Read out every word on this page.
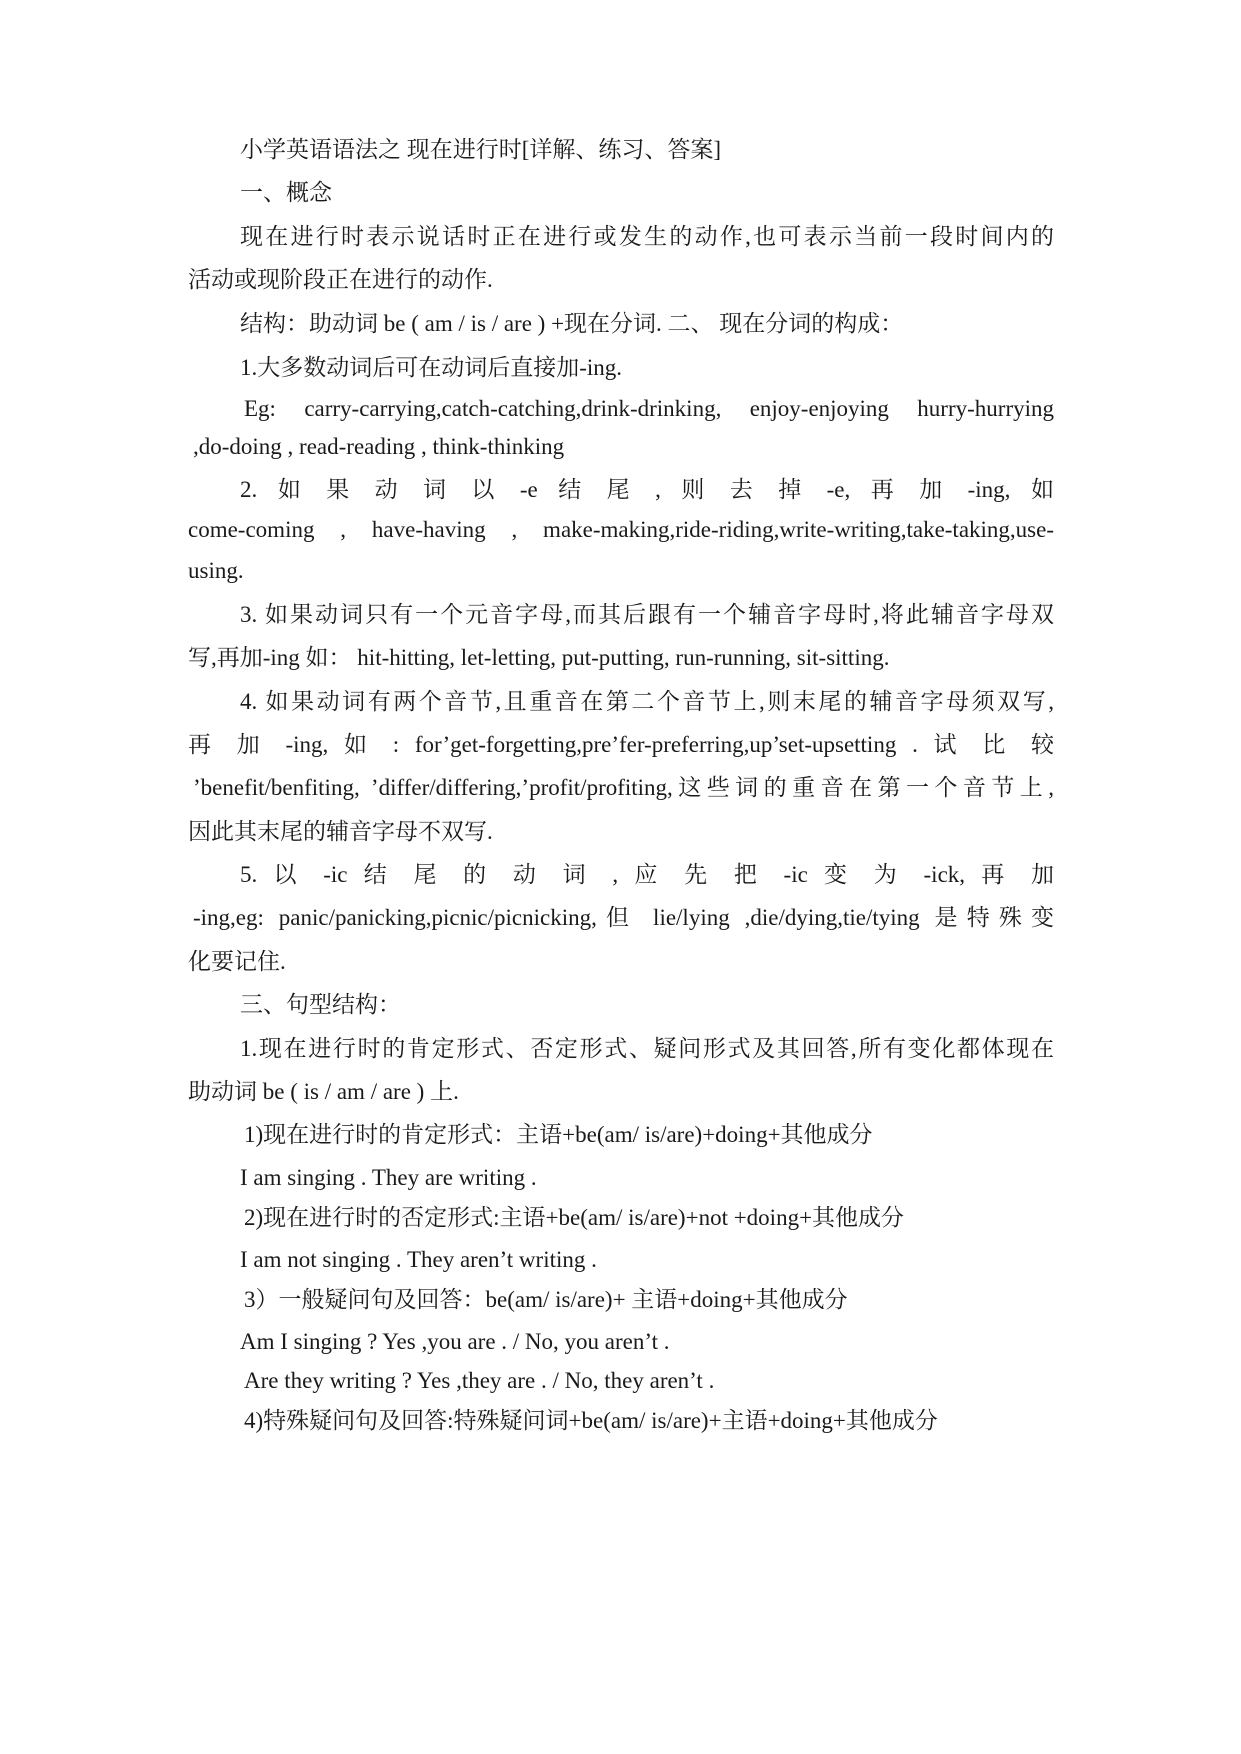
小学英语语法之 现在进行时[详解、练习、答案]
一、概念
现在进行时表示说话时正在进行或发生的动作,也可表示当前一段时间内的
活动或现阶段正在进行的动作.
结构：助动词 be ( am / is / are ) +现在分词. 二、 现在分词的构成：
1.大多数动词后可在动词后直接加-ing.
Eg: carry-carrying,catch-catching,drink-drinking, enjoy-enjoying hurry-hurrying
,do-doing , read-reading , think-thinking
2. 如 果 动 词 以 -e 结 尾 , 则 去 掉 -e, 再 加 -ing, 如
come-coming , have-having , make-making,ride-riding,write-writing,take-taking,use-
using.
3. 如果动词只有一个元音字母,而其后跟有一个辅音字母时,将此辅音字母双
写,再加-ing 如： hit-hitting, let-letting, put-putting, run-running, sit-sitting.
4. 如果动词有两个音节,且重音在第二个音节上,则末尾的辅音字母须双写,
再 加 -ing, 如 : for’get-forgetting,pre’fer-preferring,up’set-upsetting . 试 比 较
’benefit/benfiting, ’differ/differing,’profit/profiting,这些词的重音在第一个音节上,
因此其末尾的辅音字母不双写.
5. 以 -ic 结 尾 的 动 词 , 应 先 把 -ic 变 为 -ick, 再 加
-ing,eg: panic/panicking,picnic/picnicking,但 lie/lying ,die/dying,tie/tying 是特殊变
化要记住.
三、句型结构：
1.现在进行时的肯定形式、否定形式、疑问形式及其回答,所有变化都体现在
助动词 be ( is / am / are ) 上.
1)现在进行时的肯定形式：主语+be(am/ is/are)+doing+其他成分
I am singing . They are writing .
2)现在进行时的否定形式:主语+be(am/ is/are)+not +doing+其他成分
I am not singing . They aren’t writing .
3）一般疑问句及回答：be(am/ is/are)+ 主语+doing+其他成分
Am I singing ? Yes ,you are . / No, you aren’t .
Are they writing ? Yes ,they are . / No, they aren’t .
4)特殊疑问句及回答:特殊疑问词+be(am/ is/are)+主语+doing+其他成分
